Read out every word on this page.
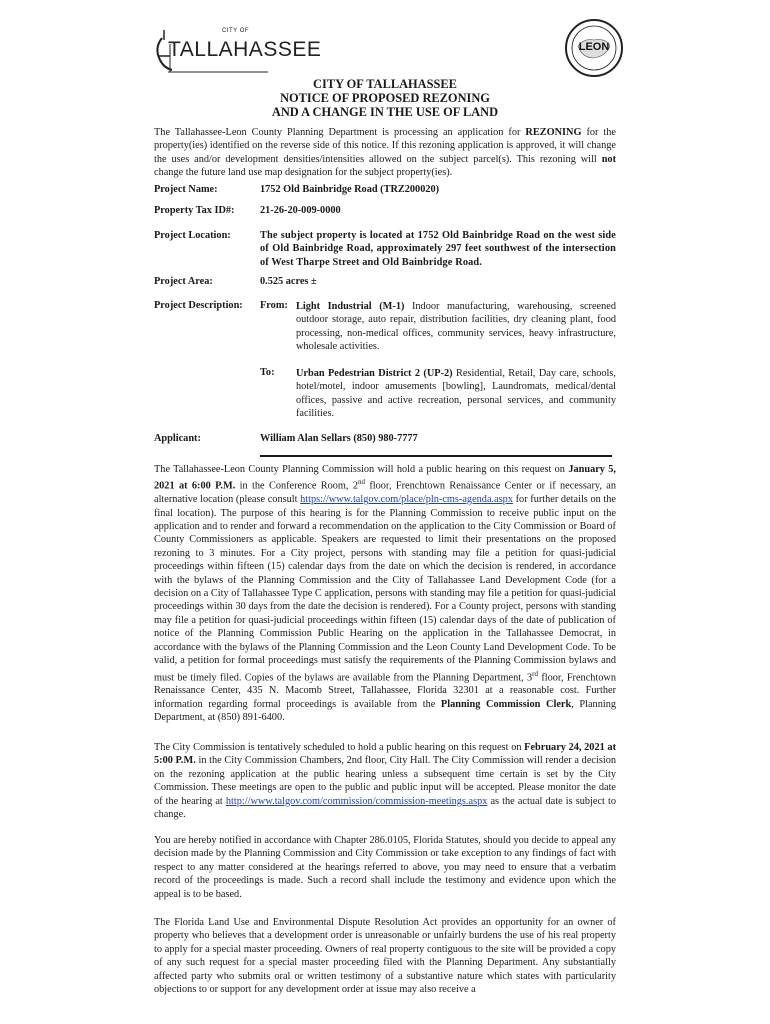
CITY OF
TALLAHASSEE	LEON
CITY OF TALLAHASSEE
NOTICE OF PROPOSED REZONING
AND A CHANGE IN THE USE OF LAND

The Tallahassee-Leon County Planning Department is processing an application for REZONING for the property(ies) identified on the reverse side of this notice. If this rezoning application is approved, it will change the uses and/or development densities/intensities allowed on the subject parcel(s). This rezoning will not change the future land use map designation for the subject property(ies).

Project Name:	1752 Old Bainbridge Road (TRZ200020)
Property Tax ID#: 21-26-20-009-0000
Project Location:	The subject property is located at 1752 Old Bainbridge Road on the west side of Old Bainbridge Road, approximately 297 feet southwest of the intersection of West Tharpe Street and Old Bainbridge Road.
Project Area:	0.525 acres ±
Project Description: From: Light Industrial (M-1) Indoor manufacturing, warehousing, screened outdoor storage, auto repair, distribution facilities, dry cleaning plant, food processing, non-medical offices, community services, heavy infrastructure, wholesale activities.
To: Urban Pedestrian District 2 (UP-2) Residential, Retail, Day care, schools, hotel/motel, indoor amusements [bowling], Laundromats, medical/dental offices, passive and active recreation, personal services, and community facilities.
Applicant:	William Alan Sellars (850) 980-7777

The Tallahassee-Leon County Planning Commission will hold a public hearing on this request on January 5, 2021 at 6:00 P.M. in the Conference Room, 2nd floor, Frenchtown Renaissance Center or if necessary, an alternative location (please consult https://www.talgov.com/place/pln-cms-agenda.aspx for further details on the final location). The purpose of this hearing is for the Planning Commission to receive public input on the application and to render and forward a recommendation on the application to the City Commission or Board of County Commissioners as applicable. Speakers are requested to limit their presentations on the proposed rezoning to 3 minutes. For a City project, persons with standing may file a petition for quasi-judicial proceedings within fifteen (15) calendar days from the date on which the decision is rendered, in accordance with the bylaws of the Planning Commission and the City of Tallahassee Land Development Code (for a decision on a City of Tallahassee Type C application, persons with standing may file a petition for quasi-judicial proceedings within 30 days from the date the decision is rendered). For a County project, persons with standing may file a petition for quasi-judicial proceedings within fifteen (15) calendar days of the date of publication of notice of the Planning Commission Public Hearing on the application in the Tallahassee Democrat, in accordance with the bylaws of the Planning Commission and the Leon County Land Development Code. To be valid, a petition for formal proceedings must satisfy the requirements of the Planning Commission bylaws and must be timely filed. Copies of the bylaws are available from the Planning Department, 3rd floor, Frenchtown Renaissance Center, 435 N. Macomb Street, Tallahassee, Florida 32301 at a reasonable cost. Further information regarding formal proceedings is available from the Planning Commission Clerk, Planning Department, at (850) 891-6400.

The City Commission is tentatively scheduled to hold a public hearing on this request on February 24, 2021 at 5:00 P.M. in the City Commission Chambers, 2nd floor, City Hall. The City Commission will render a decision on the rezoning application at the public hearing unless a subsequent time certain is set by the City Commission. These meetings are open to the public and public input will be accepted. Please monitor the date of the hearing at http://www.talgov.com/commission/commission-meetings.aspx as the actual date is subject to change.

You are hereby notified in accordance with Chapter 286.0105, Florida Statutes, should you decide to appeal any decision made by the Planning Commission and City Commission or take exception to any findings of fact with respect to any matter considered at the hearings referred to above, you may need to ensure that a verbatim record of the proceedings is made. Such a record shall include the testimony and evidence upon which the appeal is to be based.

The Florida Land Use and Environmental Dispute Resolution Act provides an opportunity for an owner of property who believes that a development order is unreasonable or unfairly burdens the use of his real property to apply for a special master proceeding. Owners of real property contiguous to the site will be provided a copy of any such request for a special master proceeding filed with the Planning Department. Any substantially affected party who submits oral or written testimony of a substantive nature which states with particularity objections to or support for any development order at issue may also receive a
